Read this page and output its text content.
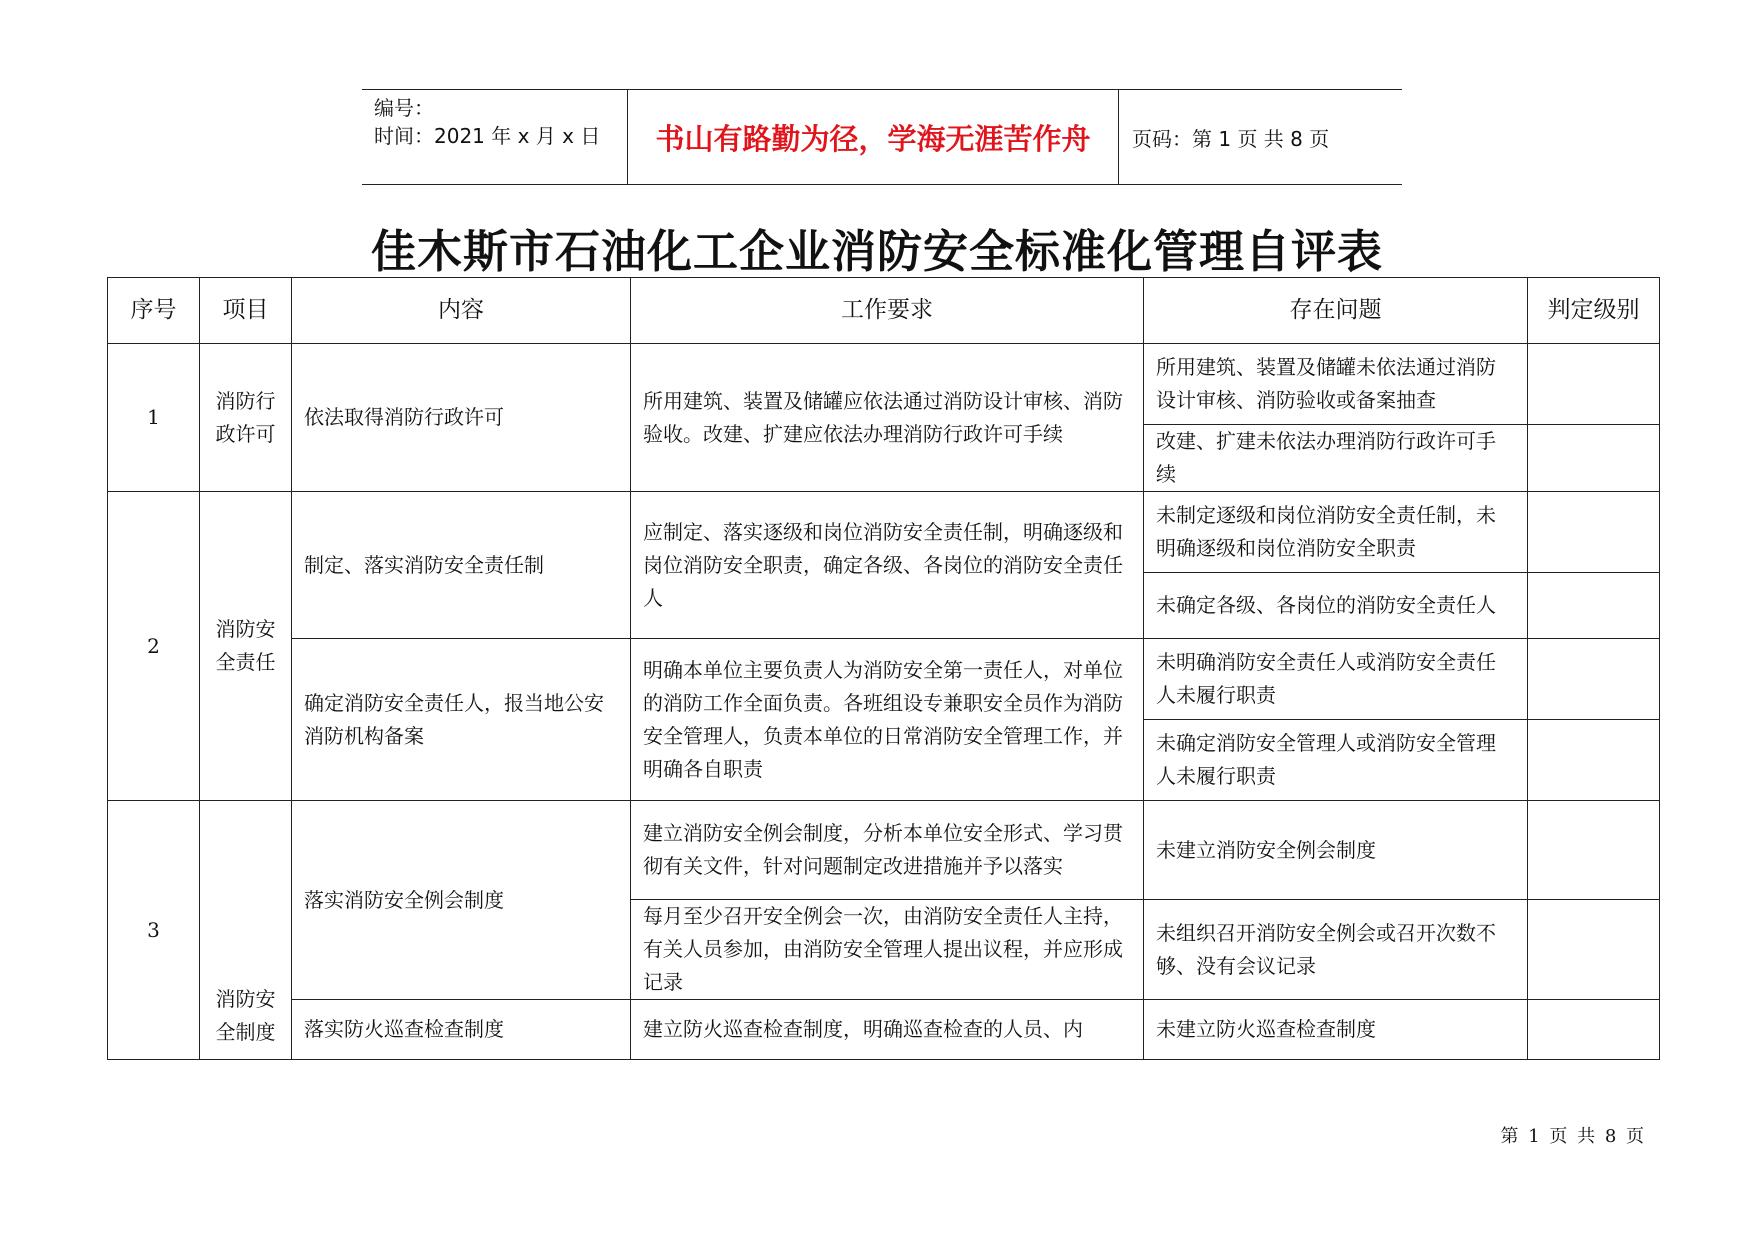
编号：
时间：2021 年 x 月 x 日	书山有路勤为径，学海无涯苦作舟	页码：第 1 页 共 8 页
佳木斯市石油化工企业消防安全标准化管理自评表
序号	项目	内容	工作要求	存在问题	判定级别
1	消防行政许可	依法取得消防行政许可	所用建筑、装置及储罐应依法通过消防设计审核、消防验收。改建、扩建应依法办理消防行政许可手续	所用建筑、装置及储罐未依法通过消防设计审核、消防验收或备案抽查	
				改建、扩建未依法办理消防行政许可手续	
2	消防安全责任	制定、落实消防安全责任制	应制定、落实逐级和岗位消防安全责任制，明确逐级和岗位消防安全职责，确定各级、各岗位的消防安全责任人	未制定逐级和岗位消防安全责任制，未明确逐级和岗位消防安全职责	
				未确定各级、各岗位的消防安全责任人	
		确定消防安全责任人，报当地公安消防机构备案	明确本单位主要负责人为消防安全第一责任人，对单位的消防工作全面负责。各班组设专兼职安全员作为消防安全管理人，负责本单位的日常消防安全管理工作，并明确各自职责	未明确消防安全责任人或消防安全责任人未履行职责	
				未确定消防安全管理人或消防安全管理人未履行职责	
3	消防安全制度	落实消防安全例会制度	建立消防安全例会制度，分析本单位安全形式、学习贯彻有关文件，针对问题制定改进措施并予以落实	未建立消防安全例会制度	
			每月至少召开安全例会一次，由消防安全责任人主持，有关人员参加，由消防安全管理人提出议程，并应形成记录	未组织召开消防安全例会或召开次数不够、没有会议记录	
		落实防火巡查检查制度	建立防火巡查检查制度，明确巡查检查的人员、内	未建立防火巡查检查制度	
第 1 页 共 8 页
